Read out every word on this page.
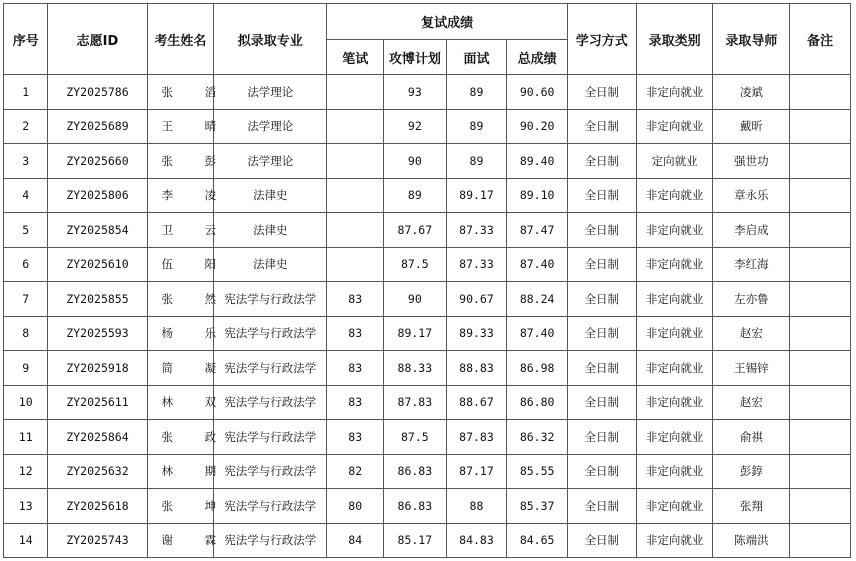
序号	志愿ID	考生姓名	拟录取专业	复试成绩				学习方式	录取类别	录取导师	备注
				笔试	攻博计划	面试	总成绩				
1	ZY2025786	张 滔	法学理论		93	89	90.60	全日制	非定向就业	凌斌	
2	ZY2025689	王 晴	法学理论		92	89	90.20	全日制	非定向就业	戴昕	
3	ZY2025660	张 彭	法学理论		90	89	89.40	全日制	定向就业	强世功	
4	ZY2025806	李 凌	法律史		89	89.17	89.10	全日制	非定向就业	章永乐	
5	ZY2025854	卫 云	法律史		87.67	87.33	87.47	全日制	非定向就业	李启成	
6	ZY2025610	伍 阳	法律史		87.5	87.33	87.40	全日制	非定向就业	李红海	
7	ZY2025855	张 然	宪法学与行政法学	83	90	90.67	88.24	全日制	非定向就业	左亦鲁	
8	ZY2025593	杨 乐	宪法学与行政法学	83	89.17	89.33	87.40	全日制	非定向就业	赵宏	
9	ZY2025918	简 凝	宪法学与行政法学	83	88.33	88.83	86.98	全日制	非定向就业	王锡锌	
10	ZY2025611	林 双	宪法学与行政法学	83	87.83	88.67	86.80	全日制	非定向就业	赵宏	
11	ZY2025864	张 政	宪法学与行政法学	83	87.5	87.83	86.32	全日制	非定向就业	俞祺	
12	ZY2025632	林 期	宪法学与行政法学	82	86.83	87.17	85.55	全日制	非定向就业	彭錞	
13	ZY2025618	张 坤	宪法学与行政法学	80	86.83	88	85.37	全日制	非定向就业	张翔	
14	ZY2025743	谢 霖	宪法学与行政法学	84	85.17	84.83	84.65	全日制	非定向就业	陈端洪	
